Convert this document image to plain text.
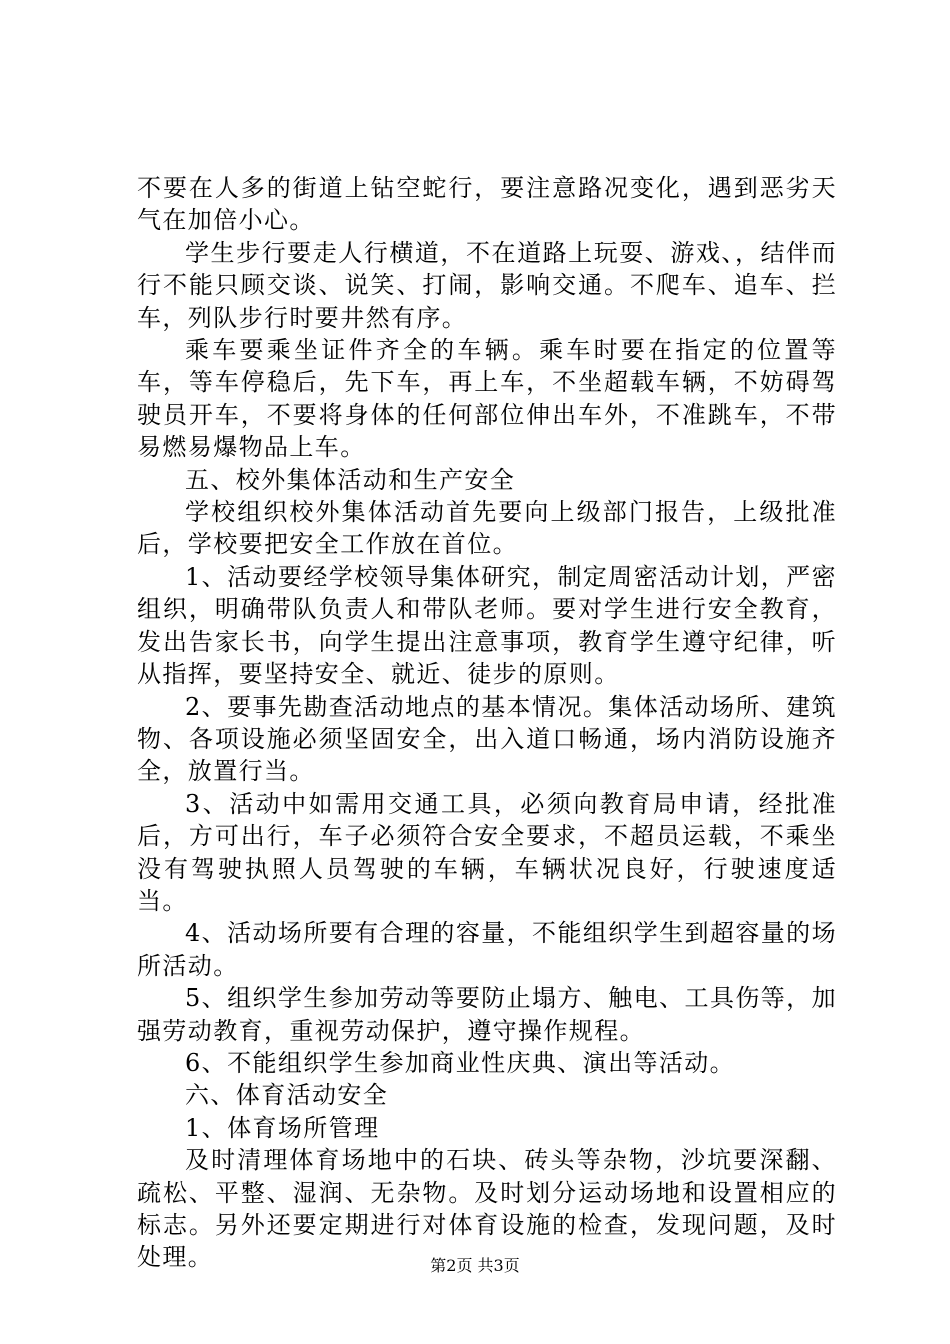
不要在人多的街道上钻空蛇行，要注意路况变化，遇到恶劣天气在加倍小心。

学生步行要走人行横道，不在道路上玩耍、游戏、，结伴而行不能只顾交谈、说笑、打闹，影响交通。不爬车、追车、拦车，列队步行时要井然有序。

乘车要乘坐证件齐全的车辆。乘车时要在指定的位置等车，等车停稳后，先下车，再上车，不坐超载车辆，不妨碍驾驶员开车，不要将身体的任何部位伸出车外，不准跳车，不带易燃易爆物品上车。

五、校外集体活动和生产安全

学校组织校外集体活动首先要向上级部门报告，上级批准后，学校要把安全工作放在首位。

1、活动要经学校领导集体研究，制定周密活动计划，严密组织，明确带队负责人和带队老师。要对学生进行安全教育，发出告家长书，向学生提出注意事项，教育学生遵守纪律，听从指挥，要坚持安全、就近、徒步的原则。

2、要事先勘查活动地点的基本情况。集体活动场所、建筑物、各项设施必须坚固安全，出入道口畅通，场内消防设施齐全，放置行当。

3、活动中如需用交通工具，必须向教育局申请，经批准后，方可出行，车子必须符合安全要求，不超员运载，不乘坐没有驾驶执照人员驾驶的车辆，车辆状况良好，行驶速度适当。

4、活动场所要有合理的容量，不能组织学生到超容量的场所活动。

5、组织学生参加劳动等要防止塌方、触电、工具伤等，加强劳动教育，重视劳动保护，遵守操作规程。

6、不能组织学生参加商业性庆典、演出等活动。

六、体育活动安全

1、体育场所管理

及时清理体育场地中的石块、砖头等杂物，沙坑要深翻、疏松、平整、湿润、无杂物。及时划分运动场地和设置相应的标志。另外还要定期进行对体育设施的检查，发现问题，及时处理。	第2页 共3页
